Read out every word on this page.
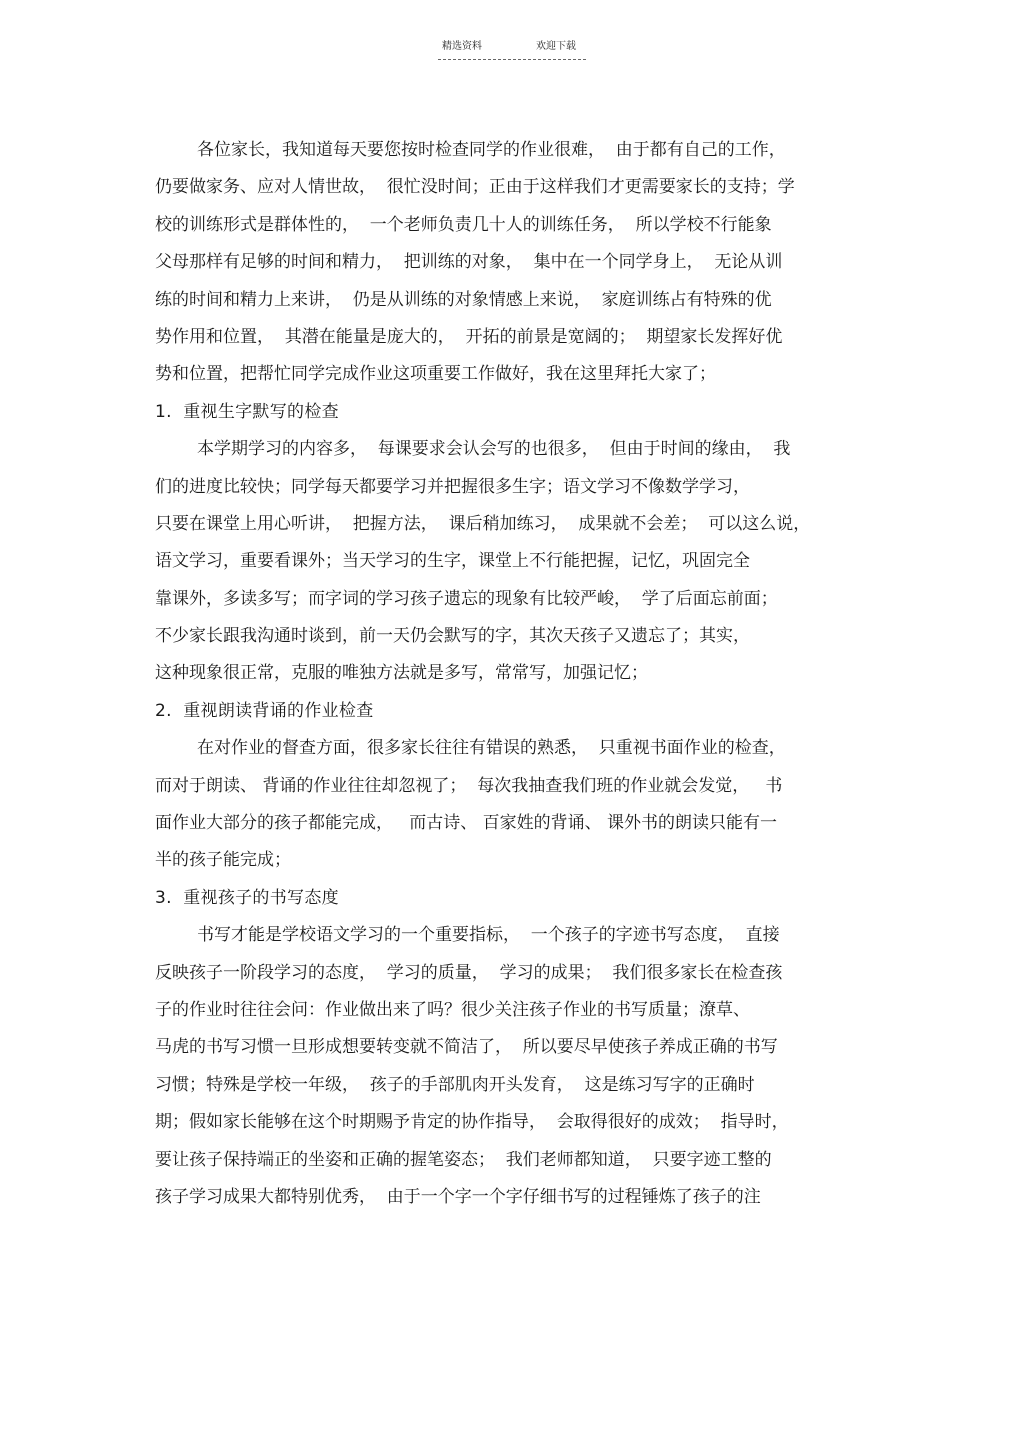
精选资料	欢迎下载
各位家长，我知道每天要您按时检查同学的作业很难，  由于都有自己的工作，
仍要做家务、应对人情世故，  很忙没时间；正由于这样我们才更需要家长的支持；学
校的训练形式是群体性的，  一个老师负责几十人的训练任务，  所以学校不行能象
父母那样有足够的时间和精力，  把训练的对象，  集中在一个同学身上，  无论从训
练的时间和精力上来讲，  仍是从训练的对象情感上来说，  家庭训练占有特殊的优
势作用和位置，  其潜在能量是庞大的，  开拓的前景是宽阔的；  期望家长发挥好优
势和位置，把帮忙同学完成作业这项重要工作做好，我在这里拜托大家了；
1.  重视生字默写的检查
本学期学习的内容多，  每课要求会认会写的也很多，  但由于时间的缘由，  我
们的进度比较快；同学每天都要学习并把握很多生字；语文学习不像数学学习，
只要在课堂上用心听讲，  把握方法，  课后稍加练习，  成果就不会差；  可以这么说，
语文学习，重要看课外；当天学习的生字，课堂上不行能把握，记忆，巩固完全
靠课外，多读多写；而字词的学习孩子遗忘的现象有比较严峻，  学了后面忘前面；
不少家长跟我沟通时谈到，前一天仍会默写的字，其次天孩子又遗忘了；其实，
这种现象很正常，克服的唯独方法就是多写，常常写，加强记忆；
2.  重视朗读背诵的作业检查
在对作业的督查方面，很多家长往往有错误的熟悉，  只重视书面作业的检查，
而对于朗读、 背诵的作业往往却忽视了；  每次我抽查我们班的作业就会发觉，   书
面作业大部分的孩子都能完成，   而古诗、 百家姓的背诵、 课外书的朗读只能有一
半的孩子能完成；
3.  重视孩子的书写态度
书写才能是学校语文学习的一个重要指标，  一个孩子的字迹书写态度，  直接
反映孩子一阶段学习的态度，  学习的质量，  学习的成果；  我们很多家长在检查孩
子的作业时往往会问：作业做出来了吗？很少关注孩子作业的书写质量；潦草、
马虎的书写习惯一旦形成想要转变就不简洁了，  所以要尽早使孩子养成正确的书写
习惯；特殊是学校一年级，  孩子的手部肌肉开头发育，  这是练习写字的正确时
期；假如家长能够在这个时期赐予肯定的协作指导，  会取得很好的成效；  指导时，
要让孩子保持端正的坐姿和正确的握笔姿态；  我们老师都知道，  只要字迹工整的
孩子学习成果大都特别优秀，  由于一个字一个字仔细书写的过程锤炼了孩子的注
